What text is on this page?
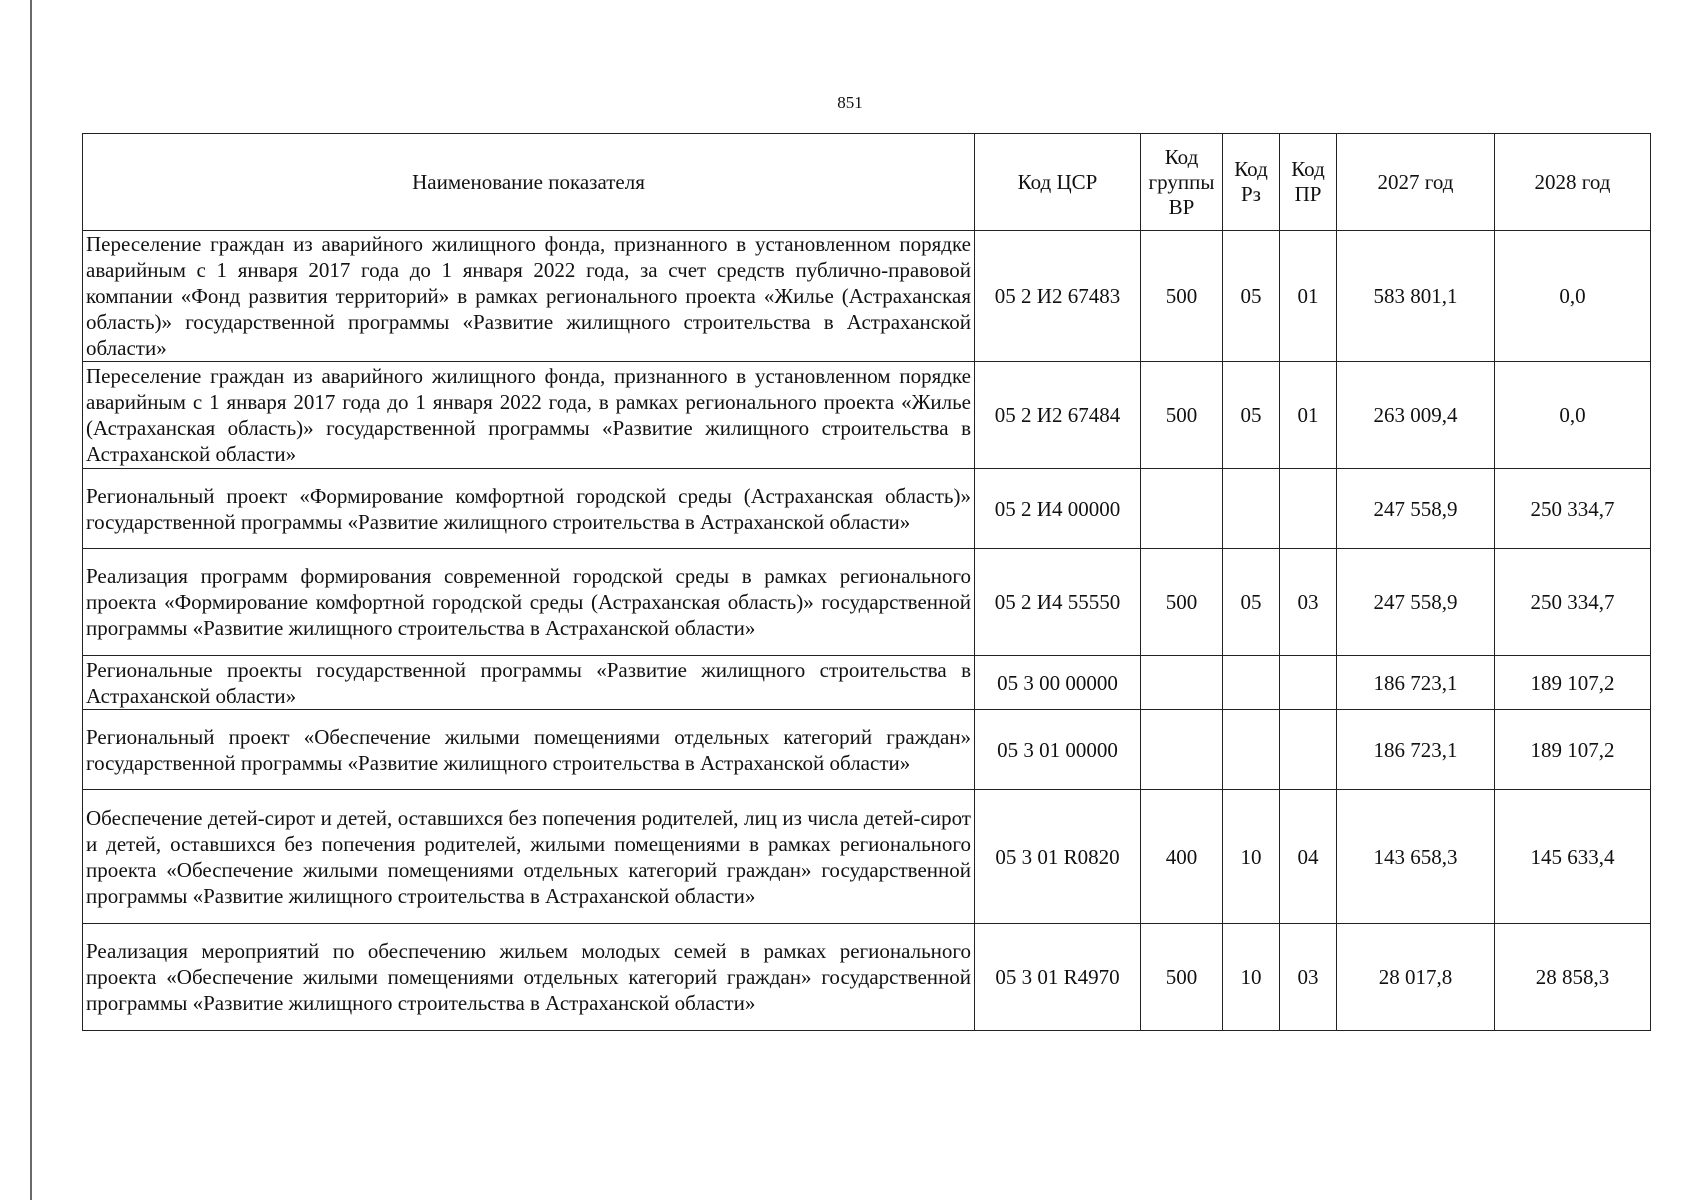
851
Наименование показателя	Код ЦСР	Код группы ВР	Код Рз	Код ПР	2027 год	2028 год
Переселение граждан из аварийного жилищного фонда, признанного в установленном порядке аварийным с 1 января 2017 года до 1 января 2022 года, за счет средств публично-правовой компании «Фонд развития территорий» в рамках регионального проекта «Жилье (Астраханская область)» государственной программы «Развитие жилищного строительства в Астраханской области»	05 2 И2 67483	500	05	01	583 801,1	0,0
Переселение граждан из аварийного жилищного фонда, признанного в установленном порядке аварийным с 1 января 2017 года до 1 января 2022 года, в рамках регионального проекта «Жилье (Астраханская область)» государственной программы «Развитие жилищного строительства в Астраханской области»	05 2 И2 67484	500	05	01	263 009,4	0,0
Региональный проект «Формирование комфортной городской среды (Астраханская область)» государственной программы «Развитие жилищного строительства в Астраханской области»	05 2 И4 00000				247 558,9	250 334,7
Реализация программ формирования современной городской среды в рамках регионального проекта «Формирование комфортной городской среды (Астраханская область)» государственной программы «Развитие жилищного строительства в Астраханской области»	05 2 И4 55550	500	05	03	247 558,9	250 334,7
Региональные проекты государственной программы «Развитие жилищного строительства в Астраханской области»	05 3 00 00000				186 723,1	189 107,2
Региональный проект «Обеспечение жилыми помещениями отдельных категорий граждан» государственной программы «Развитие жилищного строительства в Астраханской области»	05 3 01 00000				186 723,1	189 107,2
Обеспечение детей-сирот и детей, оставшихся без попечения родителей, лиц из числа детей-сирот и детей, оставшихся без попечения родителей, жилыми помещениями в рамках регионального проекта «Обеспечение жилыми помещениями отдельных категорий граждан» государственной программы «Развитие жилищного строительства в Астраханской области»	05 3 01 R0820	400	10	04	143 658,3	145 633,4
Реализация мероприятий по обеспечению жильем молодых семей в рамках регионального проекта «Обеспечение жилыми помещениями отдельных категорий граждан» государственной программы «Развитие жилищного строительства в Астраханской области»	05 3 01 R4970	500	10	03	28 017,8	28 858,3
